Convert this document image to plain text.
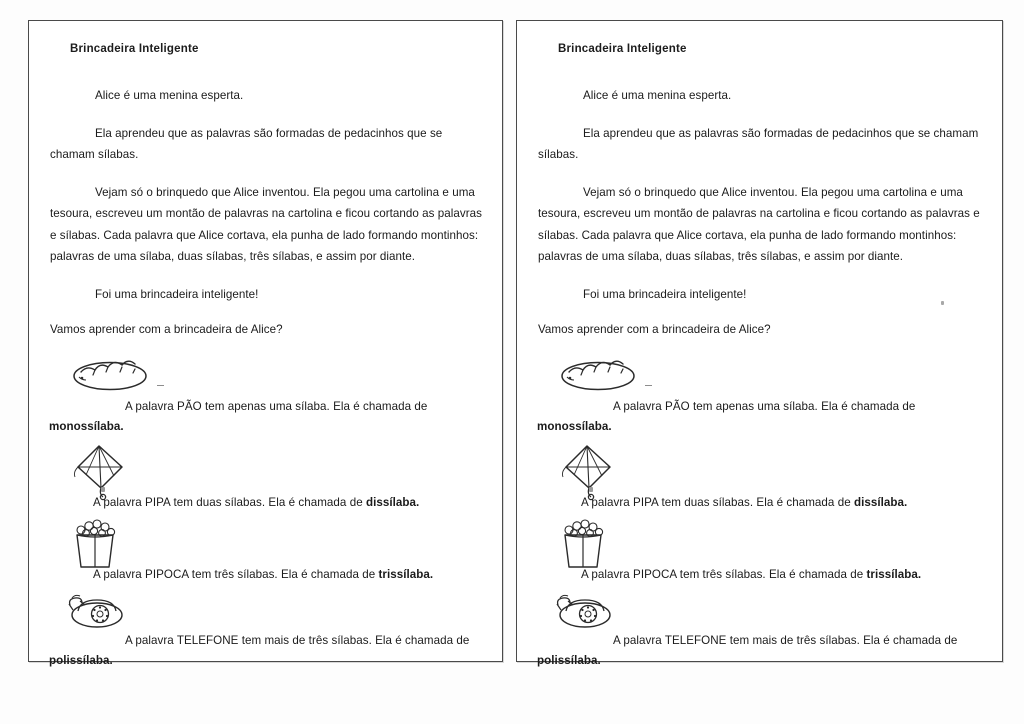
Brincadeira Inteligente

Alice é uma menina esperta.

Ela aprendeu que as palavras são formadas de pedacinhos que se chamam sílabas.

Vejam só o brinquedo que Alice inventou. Ela pegou uma cartolina e uma tesoura, escreveu um montão de palavras na cartolina e ficou cortando as palavras e sílabas. Cada palavra que Alice cortava, ela punha de lado formando montinhos: palavras de uma sílaba, duas sílabas, três sílabas, e assim por diante.

Foi uma brincadeira inteligente!

Vamos aprender com a brincadeira de Alice?

A palavra PÃO tem apenas uma sílaba. Ela é chamada de
monossílaba.

A palavra PIPA tem duas sílabas. Ela é chamada de dissílaba.

A palavra PIPOCA tem três sílabas. Ela é chamada de trissílaba.

A palavra TELEFONE tem mais de três sílabas. Ela é chamada de
polissílaba.

Brincadeira Inteligente

Alice é uma menina esperta.

Ela aprendeu que as palavras são formadas de pedacinhos que se chamam sílabas.

Vejam só o brinquedo que Alice inventou. Ela pegou uma cartolina e uma tesoura, escreveu um montão de palavras na cartolina e ficou cortando as palavras e sílabas. Cada palavra que Alice cortava, ela punha de lado formando montinhos: palavras de uma sílaba, duas sílabas, três sílabas, e assim por diante.

Foi uma brincadeira inteligente!

Vamos aprender com a brincadeira de Alice?

A palavra PÃO tem apenas uma sílaba. Ela é chamada de
monossílaba.

A palavra PIPA tem duas sílabas. Ela é chamada de dissílaba.

A palavra PIPOCA tem três sílabas. Ela é chamada de trissílaba.

A palavra TELEFONE tem mais de três sílabas. Ela é chamada de
polissílaba.
